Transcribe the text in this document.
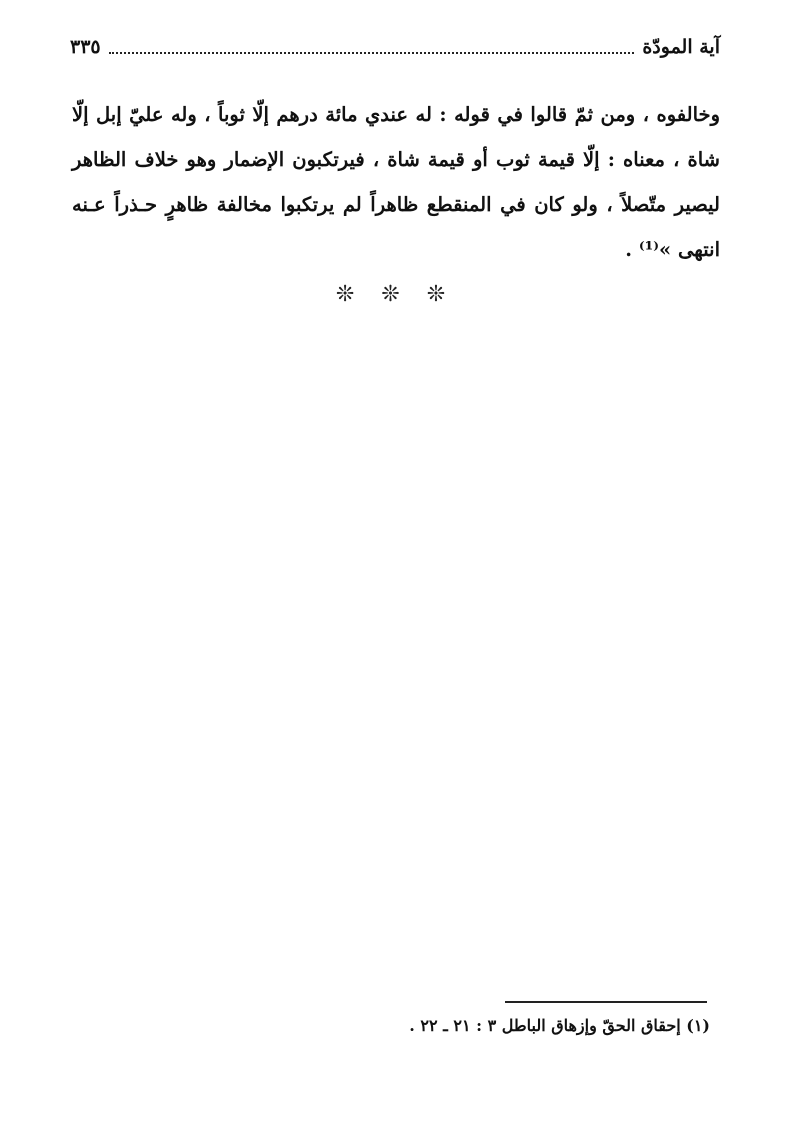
آية المودّة
٣٣٥
وخالفوه ، ومن ثمّ قالوا في قوله : له عندي مائة درهم إلّا ثوباً ، وله عليّ إبل إلّا
شاة ، معناه : إلّا قيمة ثوب أو قيمة شاة ، فيرتكبون الإضمار وهو خلاف الظاهر
ليصير متّصلاً ، ولو كان في المنقطع ظاهراً لم يرتكبوا مخالفة ظاهرٍ حـذراً عـنه
انتهى »⁽¹⁾ .
❊ ❊ ❊
(١) إحقاق الحقّ وإزهاق الباطل ٣ : ٢١ ـ ٢٢ .
